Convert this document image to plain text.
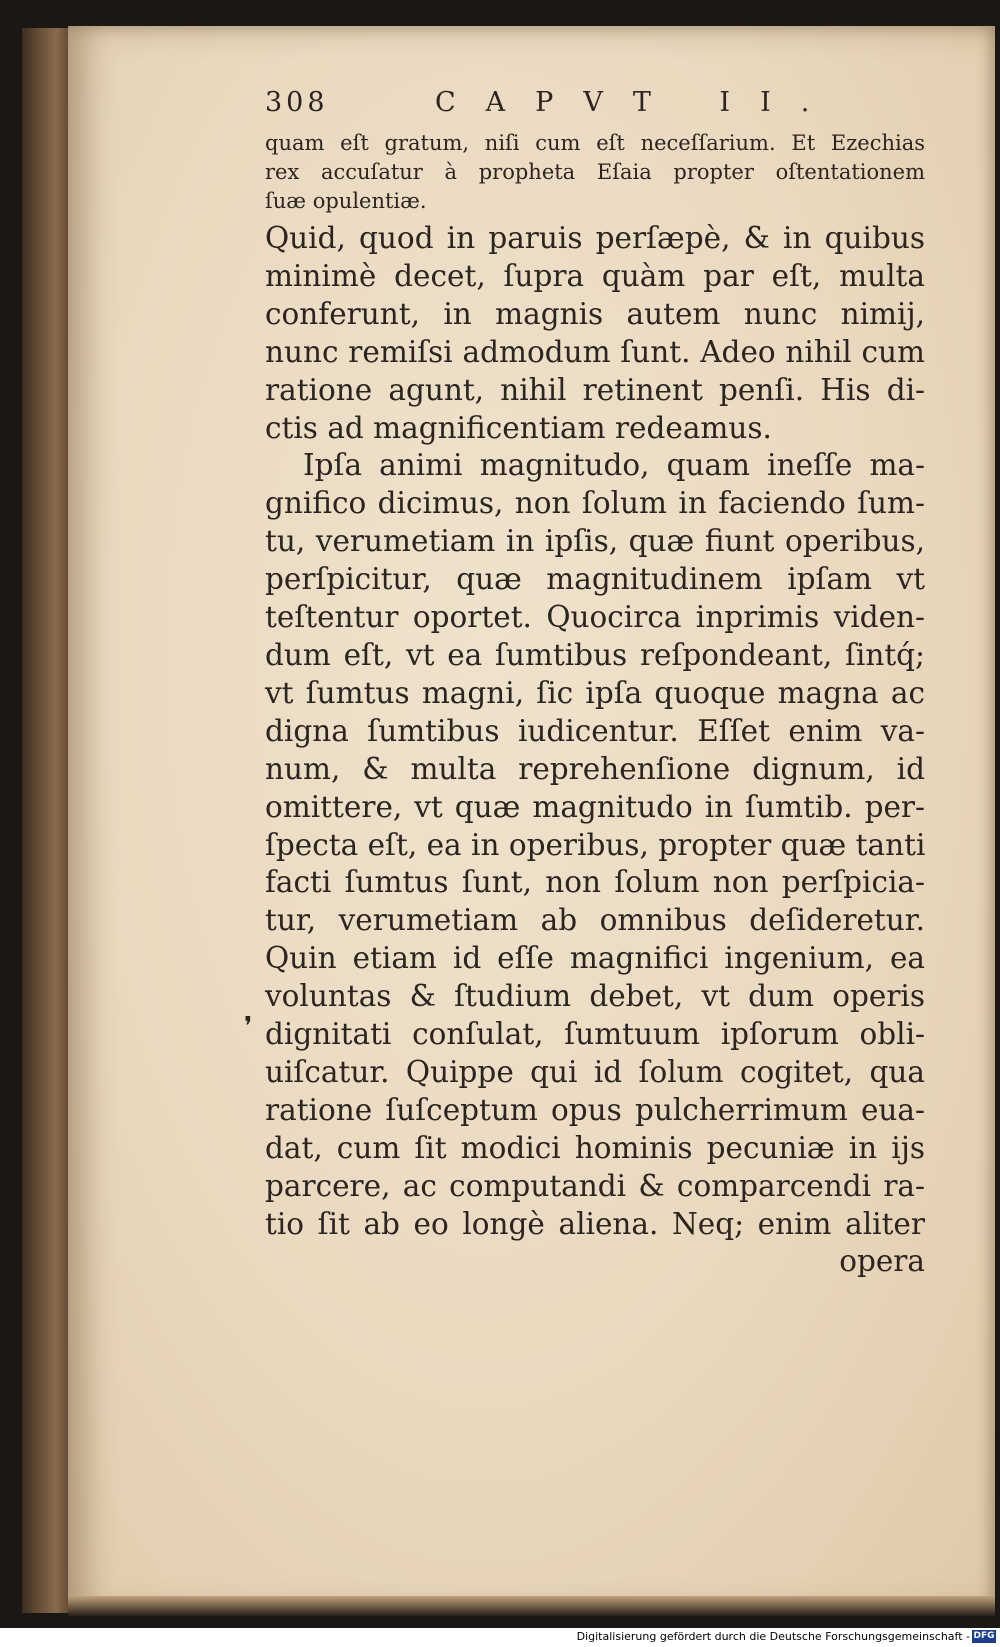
308	CAPVT II.
quam eſt gratum, niſi cum eſt neceſſarium. Et Ezechias
rex accuſatur à propheta Eſaia propter oſtentationem
ſuæ opulentiæ.
Quid, quod in paruis perſæpè, & in quibus
minimè decet, ſupra quàm par eſt, multa
conferunt, in magnis autem nunc nimij,
nunc remiſsi admodum ſunt. Adeo nihil cum
ratione agunt, nihil retinent penſi. His di-
ctis ad magnificentiam redeamus.
Ipſa animi magnitudo, quam ineſſe ma-
gnifico dicimus, non ſolum in faciendo ſum-
tu, verumetiam in ipſis, quæ fiunt operibus,
perſpicitur, quæ magnitudinem ipſam vt
teſtentur oportet. Quocirca inprimis viden-
dum eſt, vt ea ſumtibus reſpondeant, ſintq́;
vt ſumtus magni, ſic ipſa quoque magna ac
digna ſumtibus iudicentur. Eſſet enim va-
num, & multa reprehenſione dignum, id
omittere, vt quæ magnitudo in ſumtib. per-
ſpecta eſt, ea in operibus, propter quæ tanti
facti ſumtus ſunt, non ſolum non perſpicia-
tur, verumetiam ab omnibus deſideretur.
Quin etiam id eſſe magnifici ingenium, ea
voluntas & ſtudium debet, vt dum operis
dignitati conſulat, ſumtuum ipſorum obli-
uiſcatur. Quippe qui id ſolum cogitet, qua
ratione ſuſceptum opus pulcherrimum eua-
dat, cum ſit modici hominis pecuniæ in ijs
parcere, ac computandi & comparcendi ra-
tio ſit ab eo longè aliena. Neq; enim aliter
opera
❜
Digitalisierung gefördert durch die Deutsche Forschungsgemeinschaft - DFG
